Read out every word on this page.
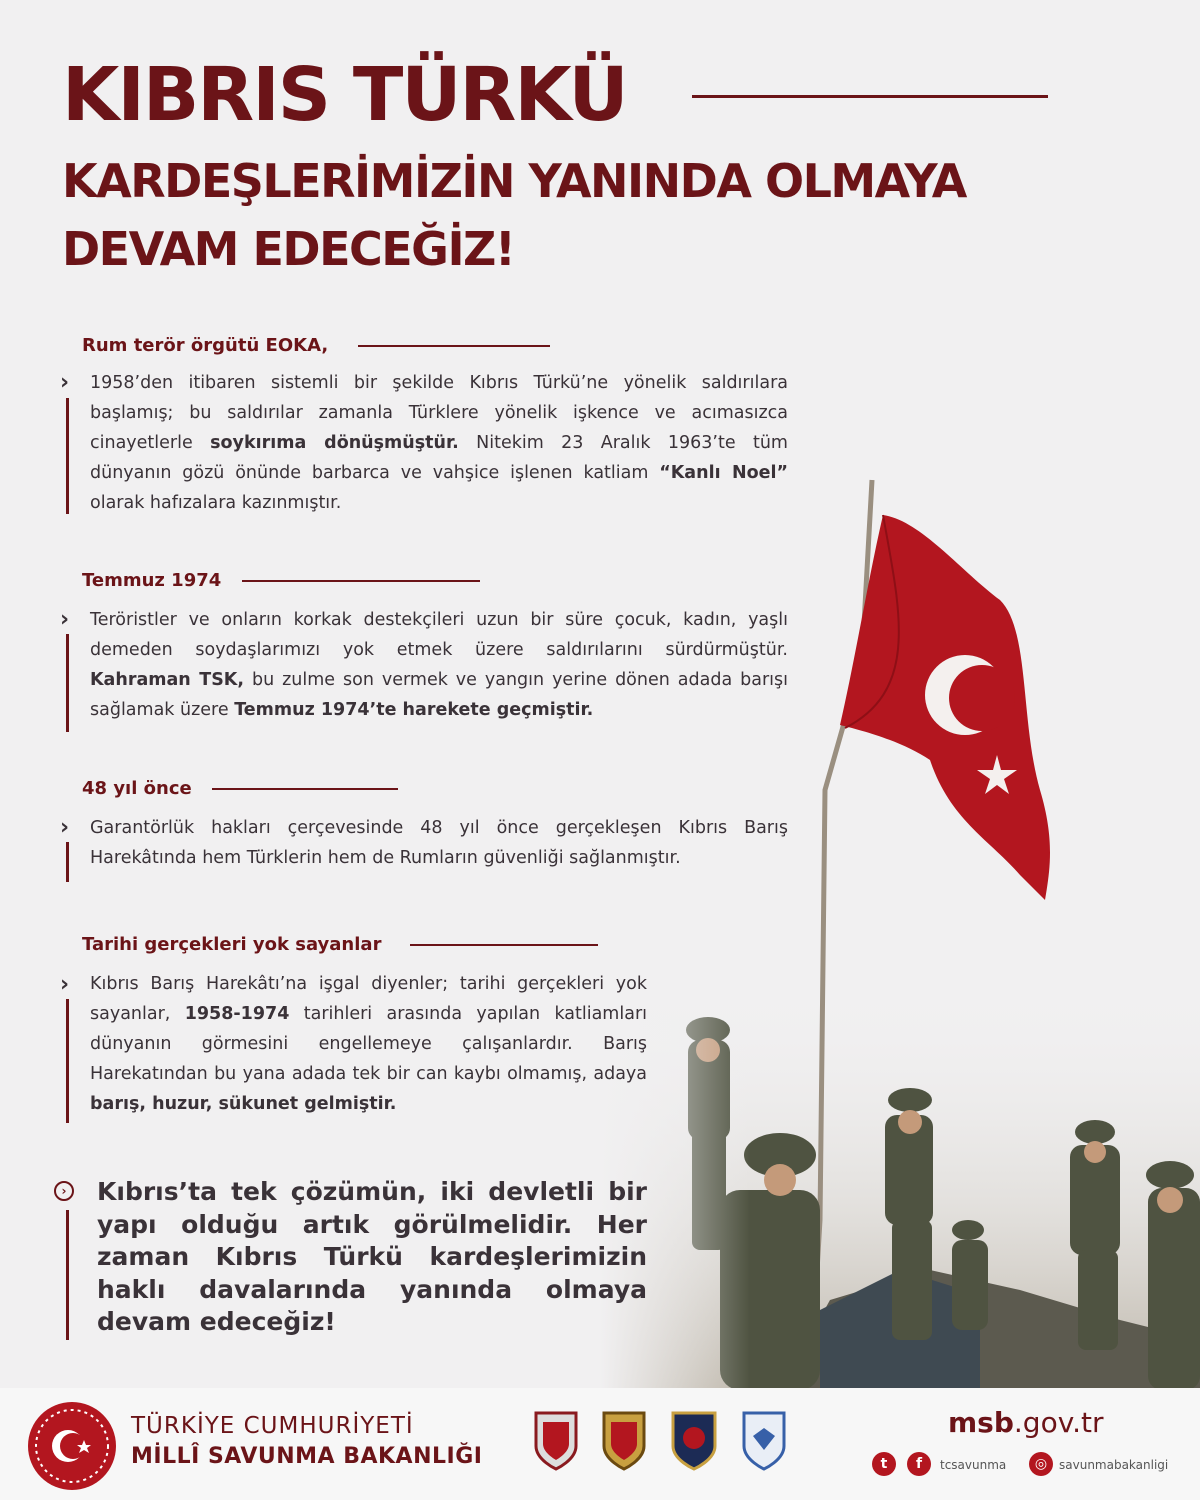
KIBRIS TÜRKÜ
KARDEŞLERİMİZİN YANINDA OLMAYA
DEVAM EDECEĞİZ!
Rum terör örgütü EOKA,
› 1958’den itibaren sistemli bir şekilde Kıbrıs Türkü’ne yönelik saldırılara başlamış; bu saldırılar zamanla Türklere yönelik işkence ve acımasızca cinayetlerle soykırıma dönüşmüştür. Nitekim 23 Aralık 1963’te tüm dünyanın gözü önünde barbarca ve vahşice işlenen katliam “Kanlı Noel” olarak hafızalara kazınmıştır.
Temmuz 1974
› Teröristler ve onların korkak destekçileri uzun bir süre çocuk, kadın, yaşlı demeden soydaşlarımızı yok etmek üzere saldırılarını sürdürmüştür. Kahraman TSK, bu zulme son vermek ve yangın yerine dönen adada barışı sağlamak üzere Temmuz 1974’te harekete geçmiştir.
48 yıl önce
› Garantörlük hakları çerçevesinde 48 yıl önce gerçekleşen Kıbrıs Barış Harekâtında hem Türklerin hem de Rumların güvenliği sağlanmıştır.
Tarihi gerçekleri yok sayanlar
› Kıbrıs Barış Harekâtı’na işgal diyenler; tarihi gerçekleri yok sayanlar, 1958-1974 tarihleri arasında yapılan katliamları dünyanın görmesini engellemeye çalışanlardır. Barış Harekatından bu yana adada tek bir can kaybı olmamış, adaya barış, huzur, sükunet gelmiştir.
›	Kıbrıs’ta tek çözümün, iki devletli bir yapı olduğu artık görülmelidir. Her zaman Kıbrıs Türkü kardeşlerimizin haklı davalarında yanında olmaya devam edeceğiz!
TÜRKİYE CUMHURİYETİ
MİLLÎ SAVUNMA BAKANLIĞI
msb.gov.tr
t	f	tcsavunma	◎ savunmabakanligi
